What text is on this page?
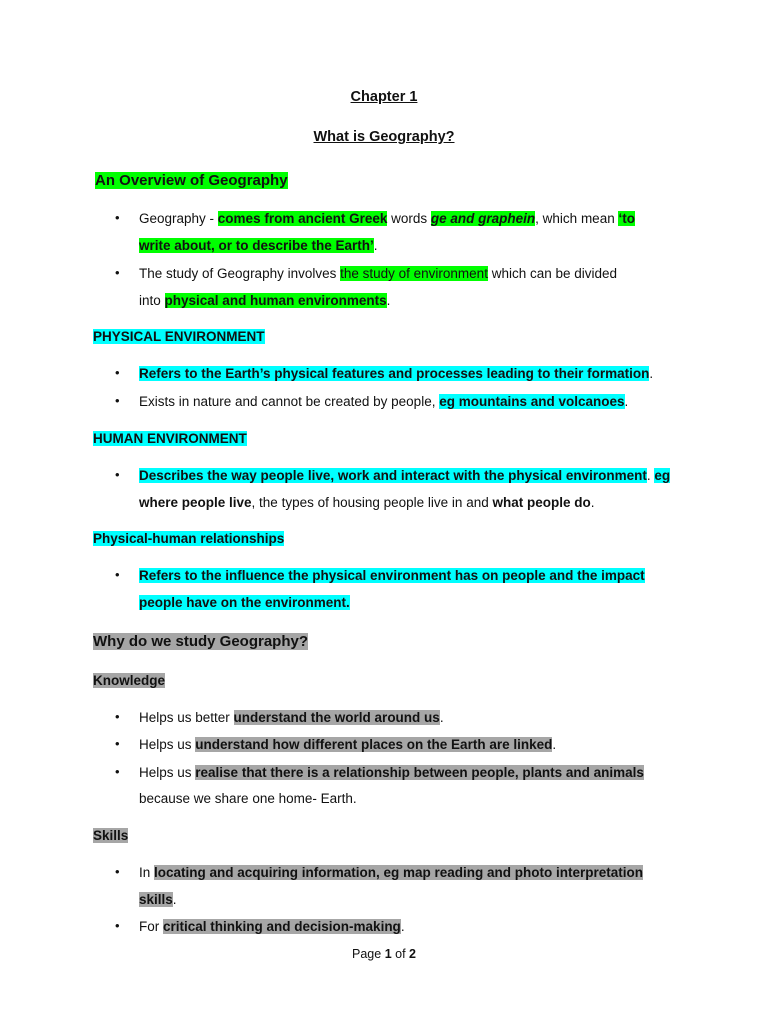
Chapter 1
What is Geography?
An Overview of Geography
• Geography - comes from ancient Greek words ge and graphein, which mean ‘to
write about, or to describe the Earth’.
• The study of Geography involves the study of environment which can be divided
into physical and human environments.
PHYSICAL ENVIRONMENT
• Refers to the Earth’s physical features and processes leading to their formation.
• Exists in nature and cannot be created by people, eg mountains and volcanoes.
HUMAN ENVIRONMENT
• Describes the way people live, work and interact with the physical environment. eg
where people live, the types of housing people live in and what people do.
Physical-human relationships
• Refers to the influence the physical environment has on people and the impact
people have on the environment.
Why do we study Geography?
Knowledge
• Helps us better understand the world around us.
• Helps us understand how different places on the Earth are linked.
• Helps us realise that there is a relationship between people, plants and animals
because we share one home- Earth.
Skills
• In locating and acquiring information, eg map reading and photo interpretation
skills.
• For critical thinking and decision-making.
Page 1 of 2
